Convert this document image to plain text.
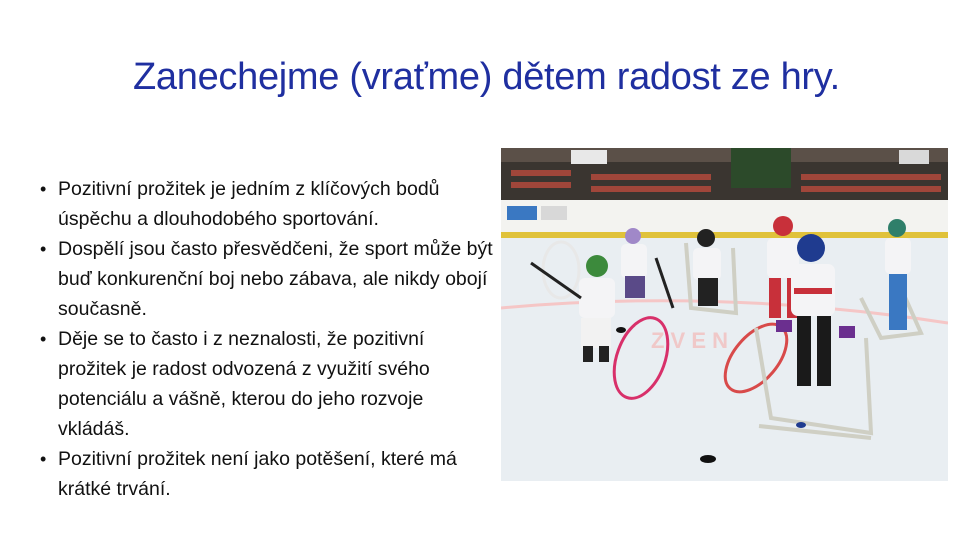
Zanechejme (vraťme) dětem radost ze hry.
• Pozitivní prožitek je jedním z klíčových bodů úspěchu a dlouhodobého sportování.
• Dospělí jsou často přesvědčeni, že sport může být buď konkurenční boj nebo zábava, ale nikdy obojí současně.
• Děje se to často i z neznalosti, že pozitivní prožitek je radost odvozená z využití svého potenciálu a vášně, kterou do jeho rozvoje vkládáš.
• Pozitivní prožitek není jako potěšení, které má krátké trvání.
Z V E N
